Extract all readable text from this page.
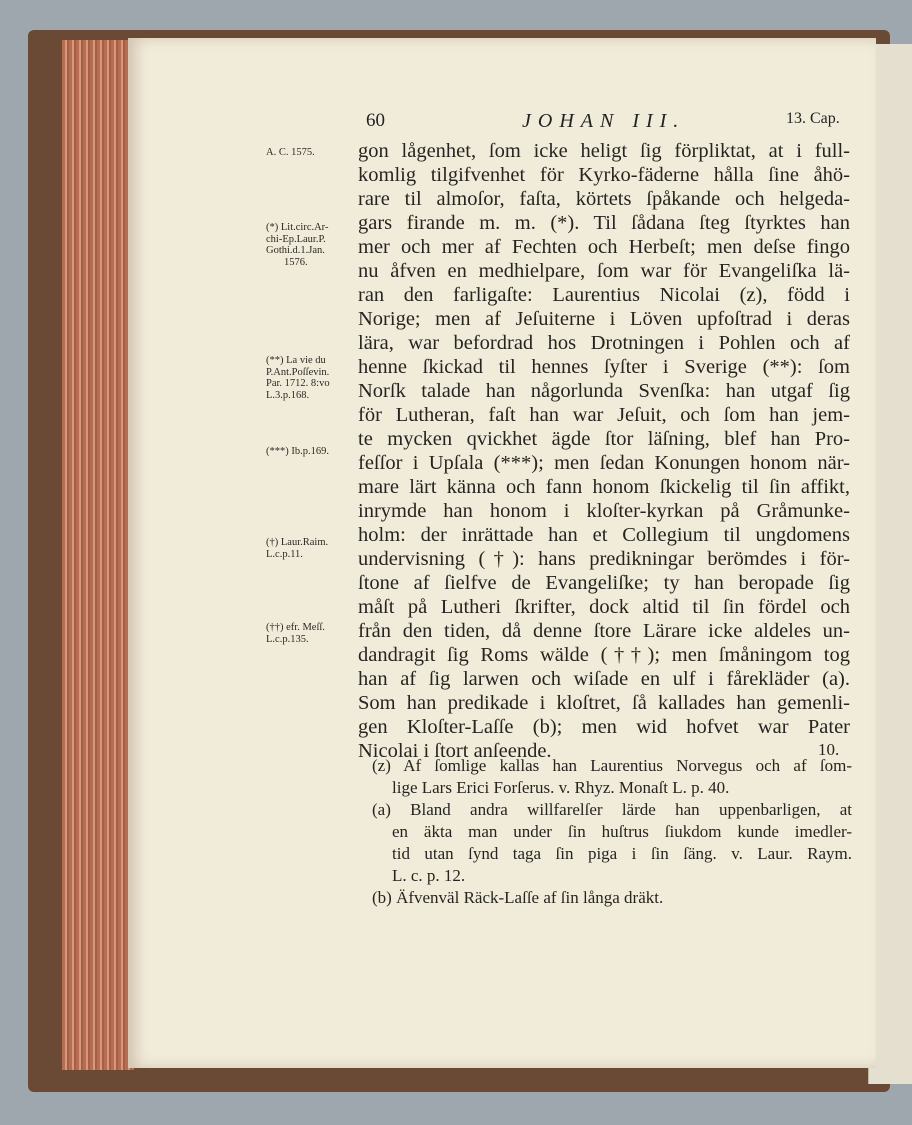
60	JOHAN III.	13. Cap.
gon lågenhet, ſom icke heligt ſig förpliktat, at i full-
komlig tilgifvenhet för Kyrko-fäderne hålla ſine åhö-
rare til almoſor, faſta, körtets ſpåkande och helgeda-
gars firande m. m. (*). Til ſådana ſteg ſtyrktes han
mer och mer af Fechten och Herbeſt; men deſse fingo
nu åfven en medhielpare, ſom war för Evangeliſka lä-
ran den farligaſte: Laurentius Nicolai (z), född i
Norige; men af Jeſuiterne i Löven upfoſtrad i deras
lära, war befordrad hos Drotningen i Pohlen och af
henne ſkickad til hennes ſyſter i Sverige (**): ſom
Norſk talade han någorlunda Svenſka: han utgaf ſig
för Lutheran, faſt han war Jeſuit, och ſom han jem-
te mycken qvickhet ägde ſtor läſning, blef han Pro-
feſſor i Upſala (***); men ſedan Konungen honom när-
mare lärt känna och fann honom ſkickelig til ſin affikt,
inrymde han honom i kloſter-kyrkan på Gråmunke-
holm: der inrättade han et Collegium til ungdomens
undervisning (†): hans predikningar berömdes i för-
ſtone af ſielfve de Evangeliſke; ty han beropade ſig
måſt på Lutheri ſkrifter, dock altid til ſin fördel och
från den tiden, då denne ſtore Lärare icke aldeles un-
dandragit ſig Roms wälde (††); men ſmåningom tog
han af ſig larwen och wiſade en ulf i fårekläder (a).
Som han predikade i kloſtret, ſå kallades han gemenli-
gen Kloſter-Laſſe (b); men wid hofvet war Pater
Nicolai i ſtort anſeende.
A. C. 1575.
(*) Lit.circ.Ar-
chi-Ep.Laur.P.
Gothi.d.1.Jan.
1576.
(**) La vie du
P.Ant.Poſſevin.
Par. 1712. 8:vo
L.3.p.168.
(***) Ib.p.169.
(†) Laur.Raim.
L.c.p.11.
(††) efr. Meſſ.
L.c.p.135.
10.
(z) Af ſomlige kallas han Laurentius Norvegus och af ſom-
lige Lars Erici Forſerus. v. Rhyz. Monaſt L. p. 40.
(a) Bland andra willfarelſer lärde han uppenbarligen, at
en äkta man under ſin huſtrus ſiukdom kunde imedler-
tid utan ſynd taga ſin piga i ſin ſäng. v. Laur. Raym.
L. c. p. 12.
(b) Äfvenväl Räck-Laſſe af ſin långa dräkt.
